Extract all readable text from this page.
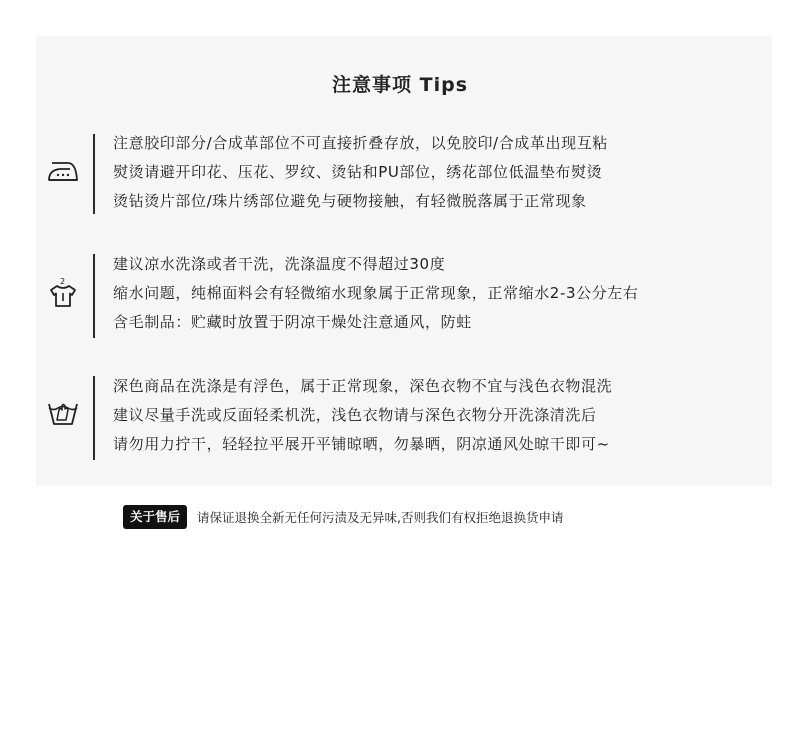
注意事项 Tips
注意胶印部分/合成革部位不可直接折叠存放，以免胶印/合成革出现互粘
熨烫请避开印花、压花、罗纹、烫钻和PU部位，绣花部位低温垫布熨烫
烫钻烫片部位/珠片绣部位避免与硬物接触，有轻微脱落属于正常现象
2
建议凉水洗涤或者干洗，洗涤温度不得超过30度
缩水问题，纯棉面料会有轻微缩水现象属于正常现象，正常缩水2-3公分左右
含毛制品：贮藏时放置于阴凉干燥处注意通风，防蛀
深色商品在洗涤是有浮色，属于正常现象，深色衣物不宜与浅色衣物混洗
建议尽量手洗或反面轻柔机洗，浅色衣物请与深色衣物分开洗涤清洗后
请勿用力拧干，轻轻拉平展开平铺晾晒，勿暴晒，阴凉通风处晾干即可~
关于售后	请保证退换全新无任何污渍及无异味,否则我们有权拒绝退换货申请
